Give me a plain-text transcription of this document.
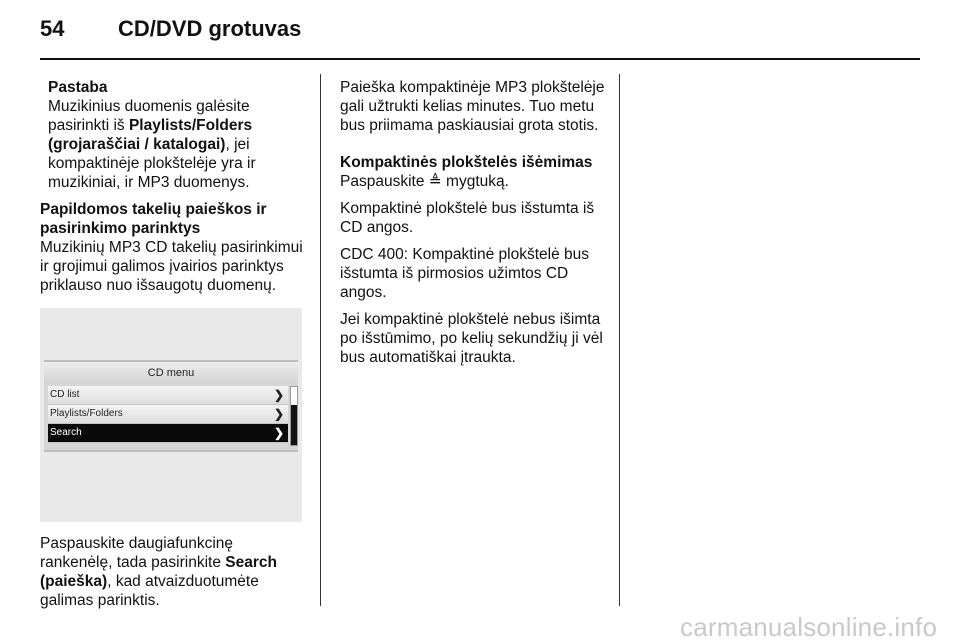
54 CD/DVD grotuvas

Pastaba
Muzikinius duomenis galėsite pasirinkti iš Playlists/Folders (grojaraščiai / katalogai), jei kompaktinėje plokštelėje yra ir muzikiniai, ir MP3 duomenys.

Papildomos takelių paieškos ir pasirinkimo parinktys
Muzikinių MP3 CD takelių pasirinkimui ir grojimui galimos įvairios parinktys priklauso nuo išsaugotų duomenų.

CD menu
CD list	❯
Playlists/Folders	❯
Search	❯

Paspauskite daugiafunkcinę rankenėlę, tada pasirinkite Search (paieška), kad atvaizduotumėte galimas parinktis.

Paieška kompaktinėje MP3 plokštelėje gali užtrukti kelias minutes. Tuo metu bus priimama paskiausiai grota stotis.

Kompaktinės plokštelės išėmimas
Paspauskite ≜ mygtuką.

Kompaktinė plokštelė bus išstumta iš CD angos.

CDC 400: Kompaktinė plokštelė bus išstumta iš pirmosios užimtos CD angos.

Jei kompaktinė plokštelė nebus išimta po išstūmimo, po kelių sekundžių ji vėl bus automatiškai įtraukta.

carmanualsonline.info
